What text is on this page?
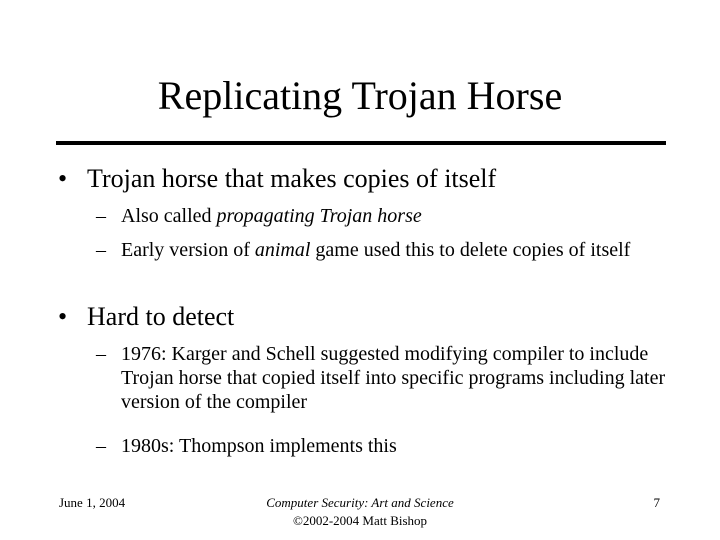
Replicating Trojan Horse
• Trojan horse that makes copies of itself
– Also called propagating Trojan horse
– Early version of animal game used this to delete copies of itself
• Hard to detect
– 1976: Karger and Schell suggested modifying compiler to include Trojan horse that copied itself into specific programs including later version of the compiler
– 1980s: Thompson implements this
June 1, 2004	Computer Security: Art and Science
©2002-2004 Matt Bishop
7
